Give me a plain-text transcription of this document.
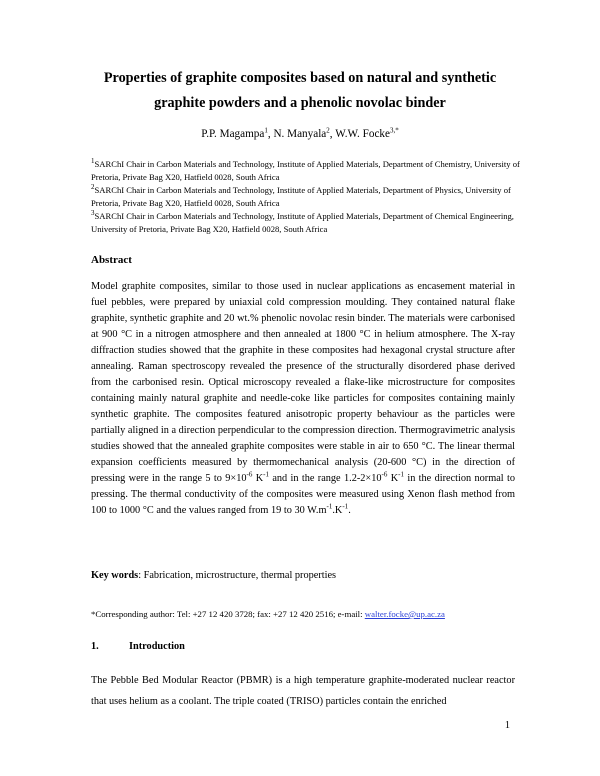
Properties of graphite composites based on natural and synthetic graphite powders and a phenolic novolac binder
P.P. Magampa$^1$, N. Manyala$^2$, W.W. Focke$^{3,*}$
$^1$SARChI Chair in Carbon Materials and Technology, Institute of Applied Materials, Department of Chemistry, University of Pretoria, Private Bag X20, Hatfield 0028, South Africa
$^2$SARChI Chair in Carbon Materials and Technology, Institute of Applied Materials, Department of Physics, University of Pretoria, Private Bag X20, Hatfield 0028, South Africa
$^3$SARChI Chair in Carbon Materials and Technology, Institute of Applied Materials, Department of Chemical Engineering, University of Pretoria, Private Bag X20, Hatfield 0028, South Africa
Abstract
Model graphite composites, similar to those used in nuclear applications as encasement material in fuel pebbles, were prepared by uniaxial cold compression moulding. They contained natural flake graphite, synthetic graphite and 20 wt.% phenolic novolac resin binder. The materials were carbonised at 900 °C in a nitrogen atmosphere and then annealed at 1800 °C in helium atmosphere. The X-ray diffraction studies showed that the graphite in these composites had hexagonal crystal structure after annealing. Raman spectroscopy revealed the presence of the structurally disordered phase derived from the carbonised resin. Optical microscopy revealed a flake-like microstructure for composites containing mainly natural graphite and needle-coke like particles for composites containing mainly synthetic graphite. The composites featured anisotropic property behaviour as the particles were partially aligned in a direction perpendicular to the compression direction. Thermogravimetric analysis studies showed that the annealed graphite composites were stable in air to 650 °C. The linear thermal expansion coefficients measured by thermomechanical analysis (20-600 °C) in the direction of pressing were in the range 5 to $9\times 10^{-6}$ $K^{-1}$ and in the range $1.2-2\times 10^{-6}$ $K^{-1}$ in the direction normal to pressing. The thermal conductivity of the composites were measured using Xenon flash method from 100 to 1000 °C and the values ranged from 19 to 30 $W.m^{-1}.K^{-1}$.
Key words: Fabrication, microstructure, thermal properties
*Corresponding author: Tel: +27 12 420 3728; fax: +27 12 420 2516; e-mail: walter.focke@up.ac.za
1.	Introduction
The Pebble Bed Modular Reactor (PBMR) is a high temperature graphite-moderated nuclear reactor that uses helium as a coolant. The triple coated (TRISO) particles contain the enriched
1
